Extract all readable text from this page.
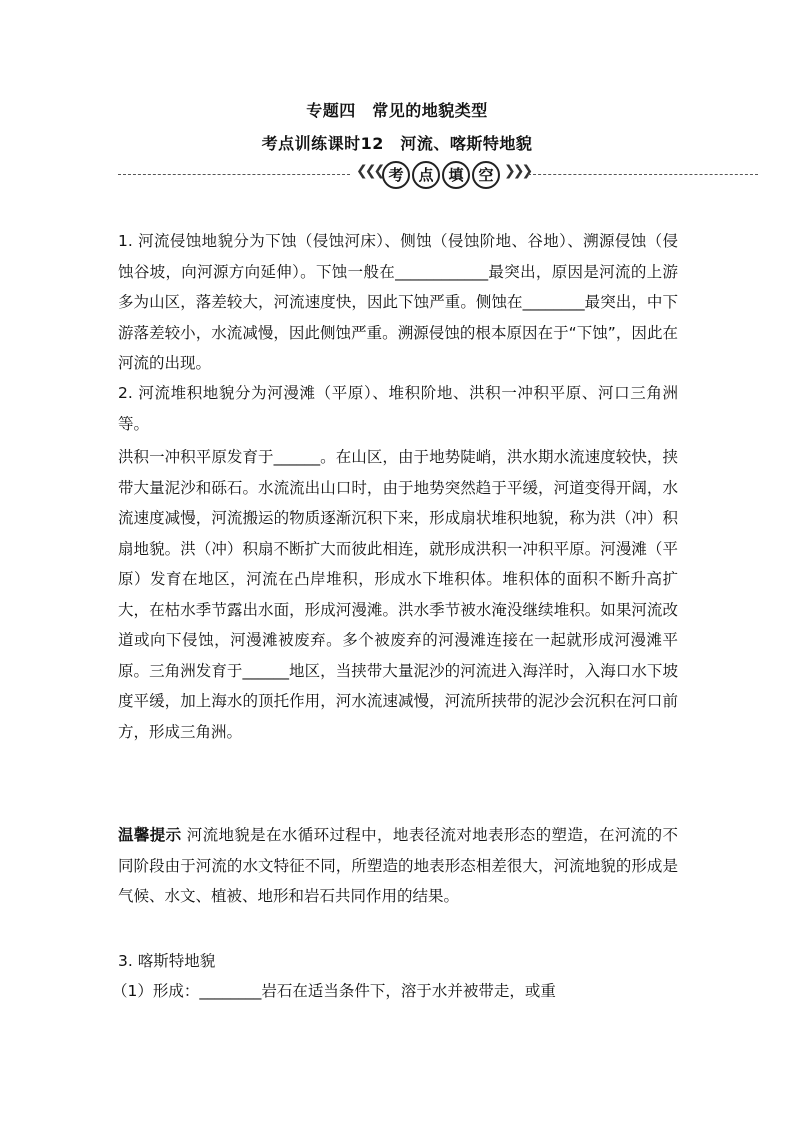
专题四　常见的地貌类型
考点训练课时12　河流、喀斯特地貌
❮❮❮ 考 点 填 空 ❯❯❯
1. 河流侵蚀地貌分为下蚀（侵蚀河床）、侧蚀（侵蚀阶地、谷地）、溯源侵蚀（侵蚀谷坡，向河源方向延伸）。下蚀一般在____________最突出，原因是河流的上游多为山区，落差较大，河流速度快，因此下蚀严重。侧蚀在________最突出，中下游落差较小，水流减慢，因此侧蚀严重。溯源侵蚀的根本原因在于“下蚀”，因此在河流的出现。
2. 河流堆积地貌分为河漫滩（平原）、堆积阶地、洪积一冲积平原、河口三角洲等。
洪积一冲积平原发育于______。在山区，由于地势陡峭，洪水期水流速度较快，挟带大量泥沙和砾石。水流流出山口时，由于地势突然趋于平缓，河道变得开阔，水流速度减慢，河流搬运的物质逐渐沉积下来，形成扇状堆积地貌，称为洪（冲）积扇地貌。洪（冲）积扇不断扩大而彼此相连，就形成洪积一冲积平原。河漫滩（平原）发育在地区，河流在凸岸堆积，形成水下堆积体。堆积体的面积不断升高扩大，在枯水季节露出水面，形成河漫滩。洪水季节被水淹没继续堆积。如果河流改道或向下侵蚀，河漫滩被废弃。多个被废弃的河漫滩连接在一起就形成河漫滩平原。三角洲发育于______地区，当挟带大量泥沙的河流进入海洋时，入海口水下坡度平缓，加上海水的顶托作用，河水流速减慢，河流所挟带的泥沙会沉积在河口前方，形成三角洲。
温馨提示 河流地貌是在水循环过程中，地表径流对地表形态的塑造，在河流的不同阶段由于河流的水文特征不同，所塑造的地表形态相差很大，河流地貌的形成是气候、水文、植被、地形和岩石共同作用的结果。
3. 喀斯特地貌
（1）形成：________岩石在适当条件下，溶于水并被带走，或重
